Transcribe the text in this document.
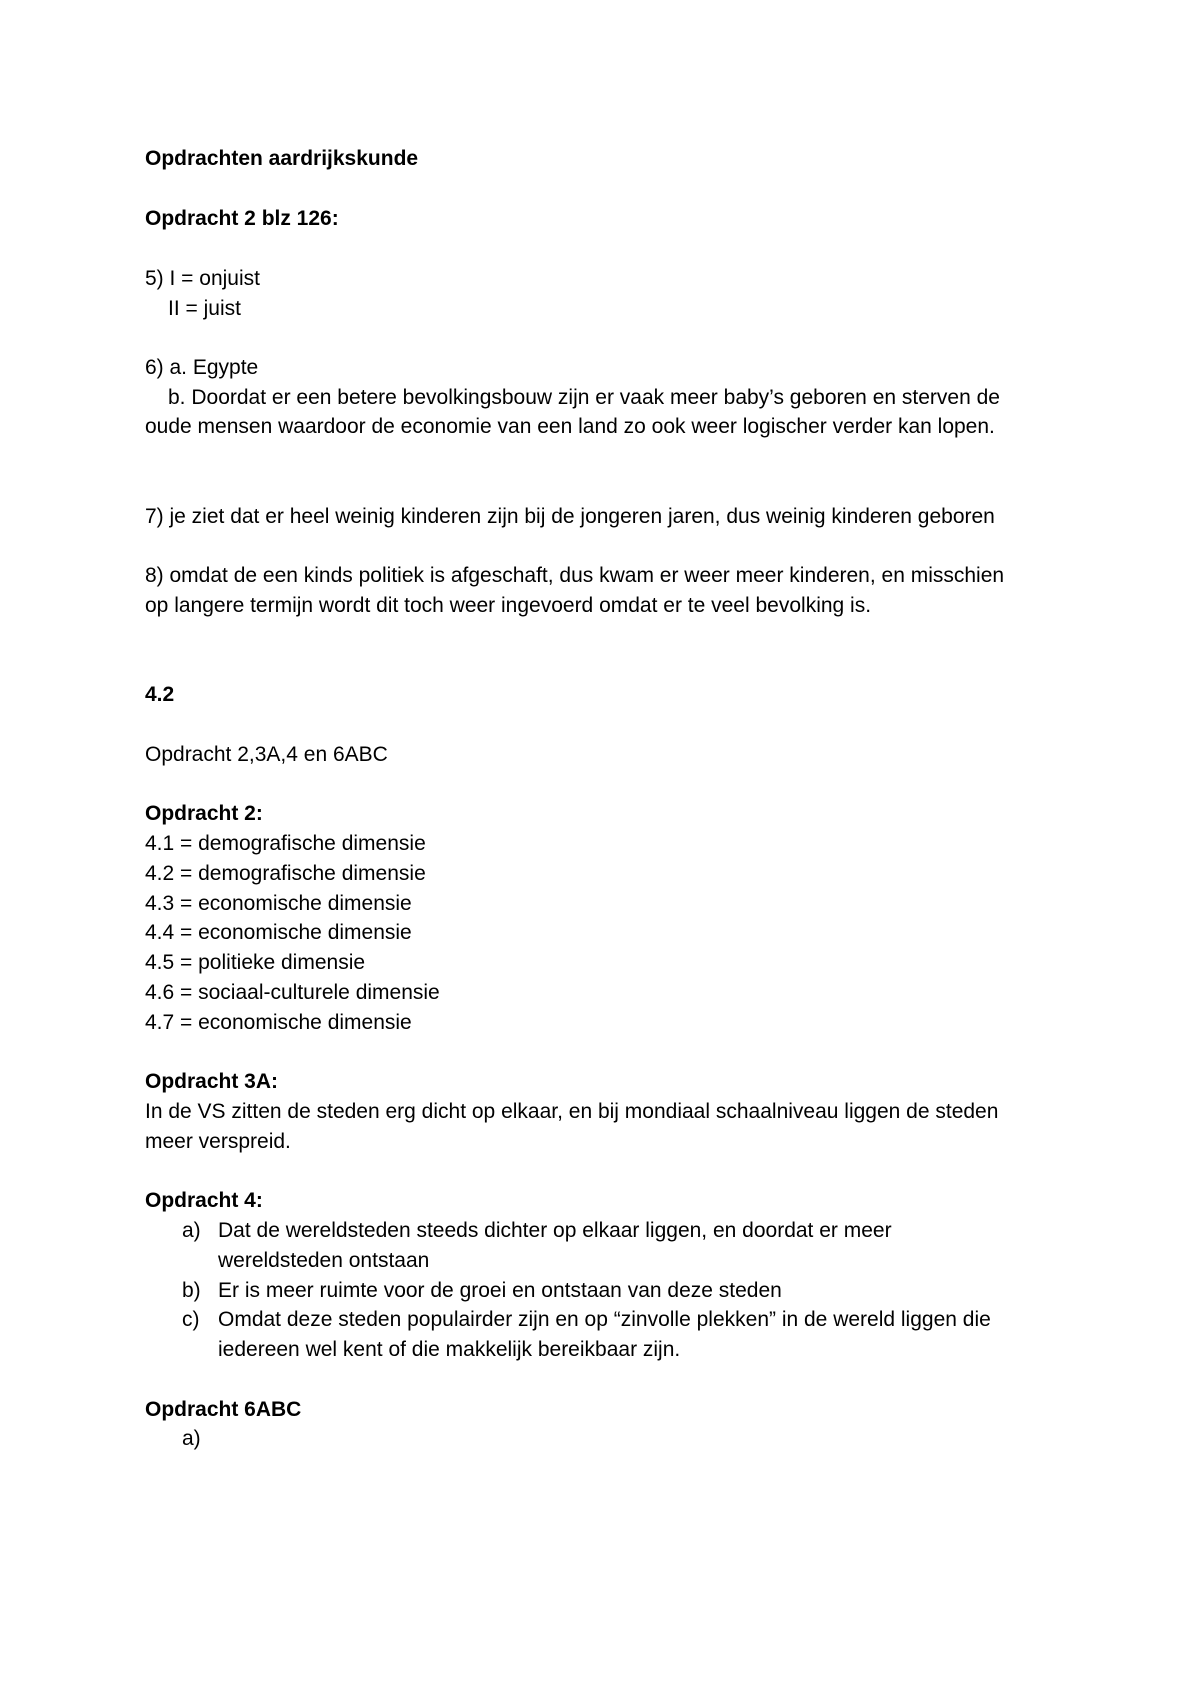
Opdrachten aardrijkskunde
Opdracht 2 blz 126:
5) I = onjuist
II = juist
6) a. Egypte
b. Doordat er een betere bevolkingsbouw zijn er vaak meer baby’s geboren en sterven de
oude mensen waardoor de economie van een land zo ook weer logischer verder kan lopen.
7) je ziet dat er heel weinig kinderen zijn bij de jongeren jaren, dus weinig kinderen geboren
8) omdat de een kinds politiek is afgeschaft, dus kwam er weer meer kinderen, en misschien
op langere termijn wordt dit toch weer ingevoerd omdat er te veel bevolking is.
4.2
Opdracht 2,3A,4 en 6ABC
Opdracht 2:
4.1 = demografische dimensie
4.2 = demografische dimensie
4.3 = economische dimensie
4.4 = economische dimensie
4.5 = politieke dimensie
4.6 = sociaal-culturele dimensie
4.7 = economische dimensie
Opdracht 3A:
In de VS zitten de steden erg dicht op elkaar, en bij mondiaal schaalniveau liggen de steden
meer verspreid.
Opdracht 4:
a) Dat de wereldsteden steeds dichter op elkaar liggen, en doordat er meer
wereldsteden ontstaan
b) Er is meer ruimte voor de groei en ontstaan van deze steden
c) Omdat deze steden populairder zijn en op “zinvolle plekken” in de wereld liggen die
iedereen wel kent of die makkelijk bereikbaar zijn.
Opdracht 6ABC
a)
